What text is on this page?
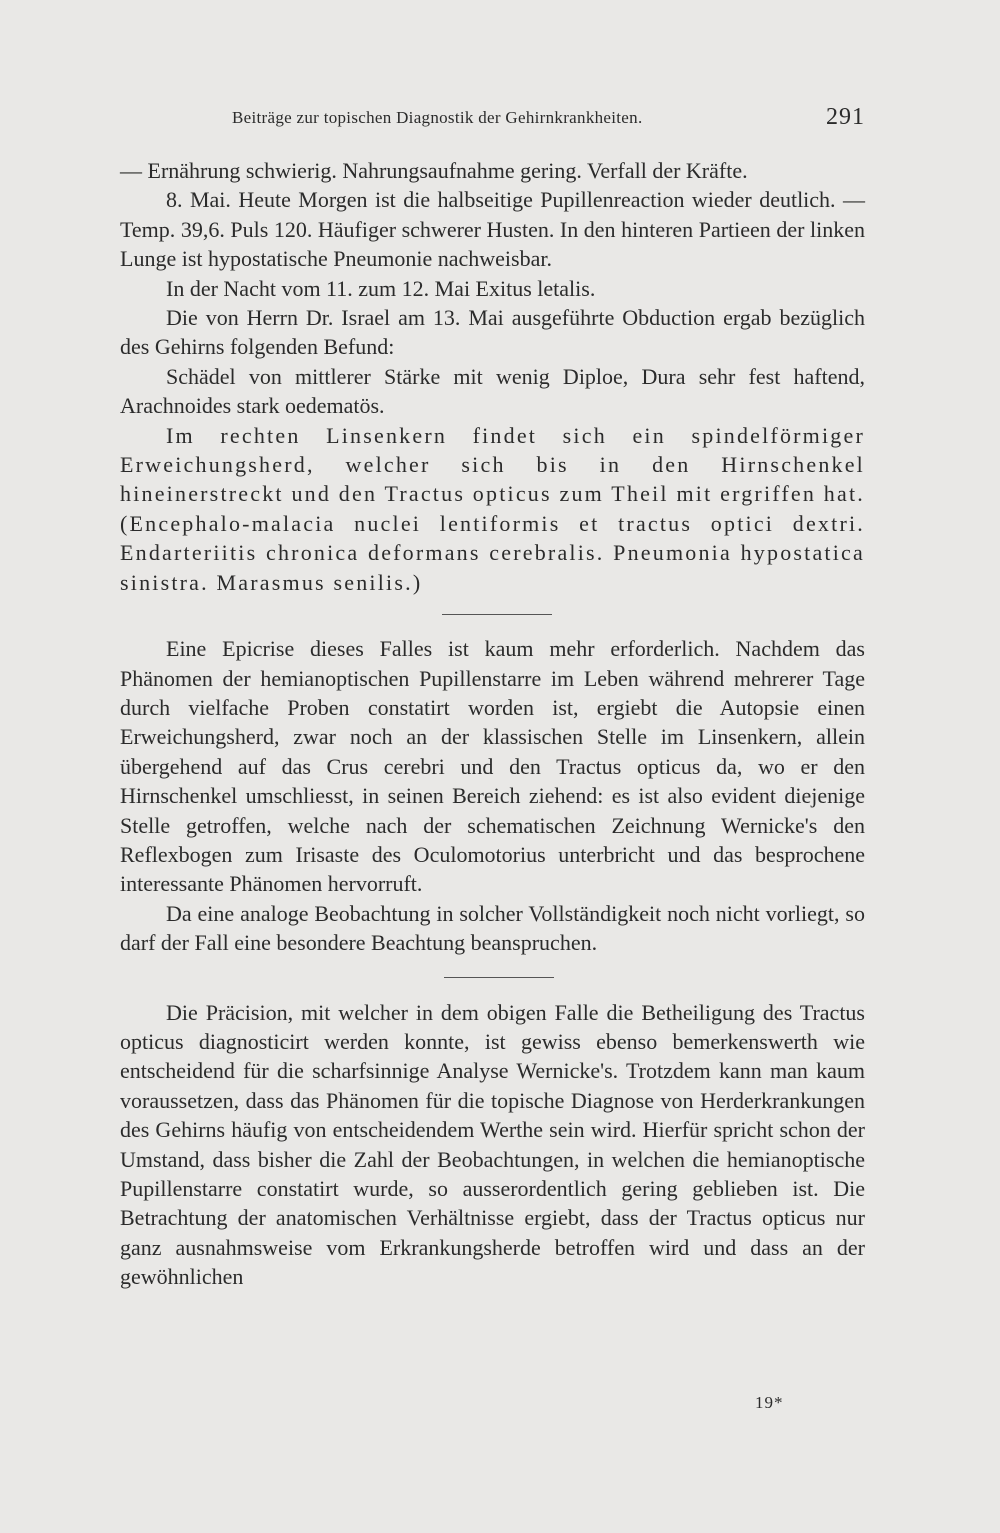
Beiträge zur topischen Diagnostik der Gehirnkrankheiten.	291

— Ernährung schwierig. Nahrungsaufnahme gering. Verfall der Kräfte.

8. Mai. Heute Morgen ist die halbseitige Pupillenreaction wieder deutlich. — Temp. 39,6. Puls 120. Häufiger schwerer Husten. In den hinteren Partieen der linken Lunge ist hypostatische Pneumonie nachweisbar.

In der Nacht vom 11. zum 12. Mai Exitus letalis.

Die von Herrn Dr. Israel am 13. Mai ausgeführte Obduction ergab bezüglich des Gehirns folgenden Befund:

Schädel von mittlerer Stärke mit wenig Diploe, Dura sehr fest haftend, Arachnoides stark oedematös.

Im rechten Linsenkern findet sich ein spindelförmiger Erweichungsherd, welcher sich bis in den Hirnschenkel hineinerstreckt und den Tractus opticus zum Theil mit ergriffen hat. (Encephalo-malacia nuclei lentiformis et tractus optici dextri. Endarteriitis chronica deformans cerebralis. Pneumonia hypostatica sinistra. Marasmus senilis.)

Eine Epicrise dieses Falles ist kaum mehr erforderlich. Nachdem das Phänomen der hemianoptischen Pupillenstarre im Leben während mehrerer Tage durch vielfache Proben constatirt worden ist, ergiebt die Autopsie einen Erweichungsherd, zwar noch an der klassischen Stelle im Linsenkern, allein übergehend auf das Crus cerebri und den Tractus opticus da, wo er den Hirnschenkel umschliesst, in seinen Bereich ziehend: es ist also evident diejenige Stelle getroffen, welche nach der schematischen Zeichnung Wernicke's den Reflexbogen zum Irisaste des Oculomotorius unterbricht und das besprochene interessante Phänomen hervorruft.

Da eine analoge Beobachtung in solcher Vollständigkeit noch nicht vorliegt, so darf der Fall eine besondere Beachtung beanspruchen.

Die Präcision, mit welcher in dem obigen Falle die Betheiligung des Tractus opticus diagnosticirt werden konnte, ist gewiss ebenso bemerkenswerth wie entscheidend für die scharfsinnige Analyse Wernicke's. Trotzdem kann man kaum voraussetzen, dass das Phänomen für die topische Diagnose von Herderkrankungen des Gehirns häufig von entscheidendem Werthe sein wird. Hierfür spricht schon der Umstand, dass bisher die Zahl der Beobachtungen, in welchen die hemianoptische Pupillenstarre constatirt wurde, so ausserordentlich gering geblieben ist. Die Betrachtung der anatomischen Verhältnisse ergiebt, dass der Tractus opticus nur ganz ausnahmsweise vom Erkrankungsherde betroffen wird und dass an der gewöhnlichen

19*
